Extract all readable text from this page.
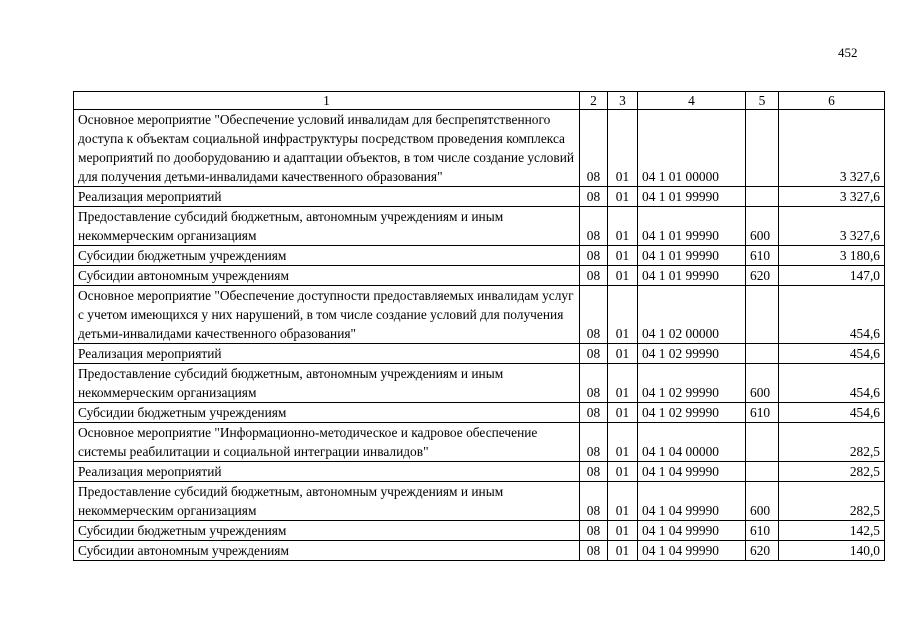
452
1	2	3	4	5	6
Основное мероприятие "Обеспечение условий инвалидам для беспрепятственного доступа к объектам социальной инфраструктуры посредством проведения комплекса мероприятий по дооборудованию и адаптации объектов, в том числе создание условий для получения детьми-инвалидами качественного образования"	08	01	04 1 01 00000		3 327,6
Реализация мероприятий	08	01	04 1 01 99990		3 327,6
Предоставление субсидий бюджетным, автономным учреждениям и иным некоммерческим организациям	08	01	04 1 01 99990	600	3 327,6
Субсидии бюджетным учреждениям	08	01	04 1 01 99990	610	3 180,6
Субсидии автономным учреждениям	08	01	04 1 01 99990	620	147,0
Основное мероприятие "Обеспечение доступности предоставляемых инвалидам услуг с учетом имеющихся у них нарушений, в том числе создание условий для получения детьми-инвалидами качественного образования"	08	01	04 1 02 00000		454,6
Реализация мероприятий	08	01	04 1 02 99990		454,6
Предоставление субсидий бюджетным, автономным учреждениям и иным некоммерческим организациям	08	01	04 1 02 99990	600	454,6
Субсидии бюджетным учреждениям	08	01	04 1 02 99990	610	454,6
Основное мероприятие "Информационно-методическое и кадровое обеспечение системы реабилитации и социальной интеграции инвалидов"	08	01	04 1 04 00000		282,5
Реализация мероприятий	08	01	04 1 04 99990		282,5
Предоставление субсидий бюджетным, автономным учреждениям и иным некоммерческим организациям	08	01	04 1 04 99990	600	282,5
Субсидии бюджетным учреждениям	08	01	04 1 04 99990	610	142,5
Субсидии автономным учреждениям	08	01	04 1 04 99990	620	140,0
